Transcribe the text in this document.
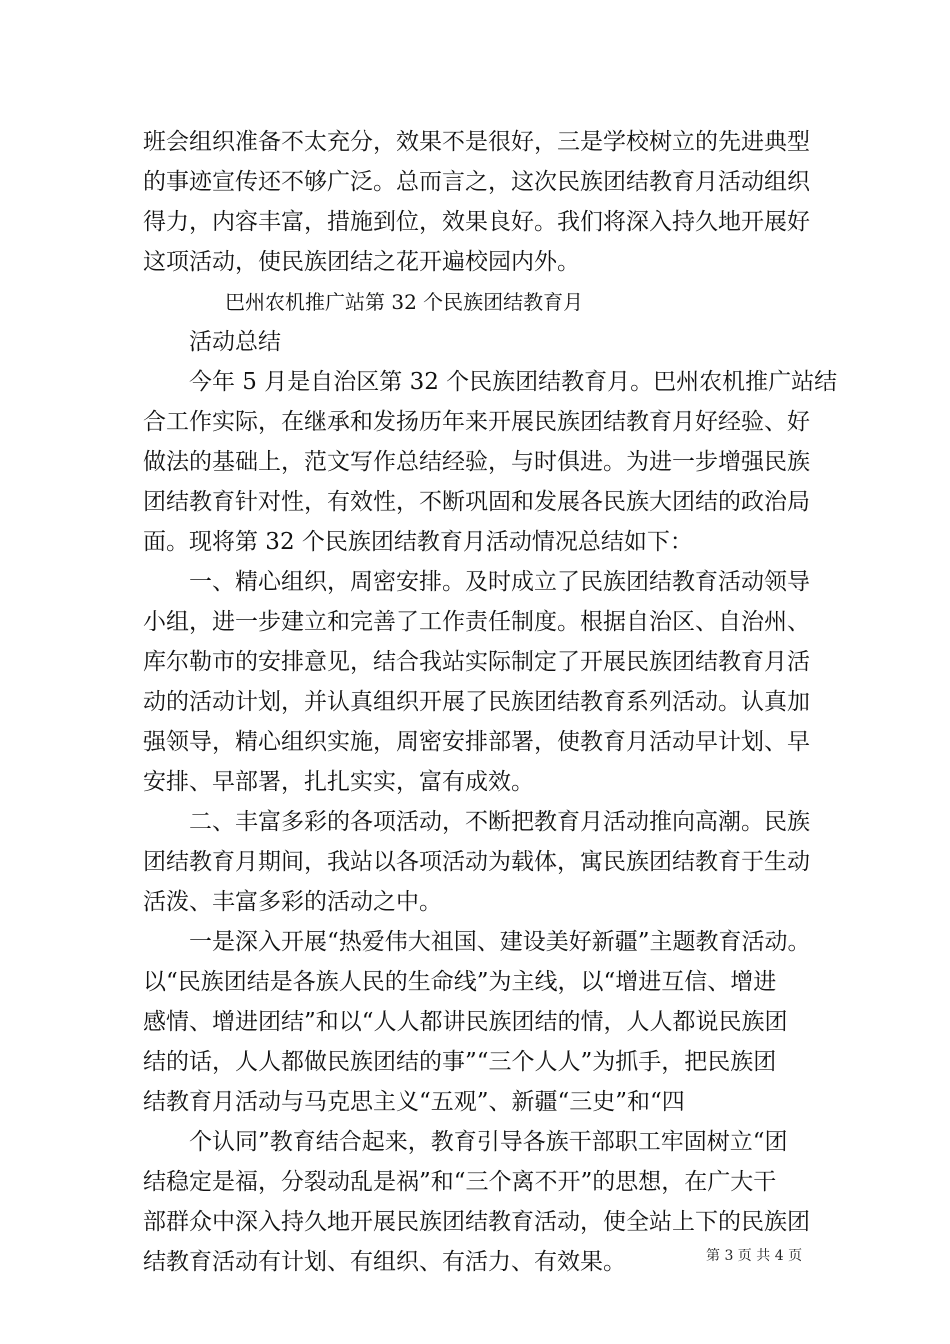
班会组织准备不太充分，效果不是很好，三是学校树立的先进典型
的事迹宣传还不够广泛。总而言之，这次民族团结教育月活动组织
得力，内容丰富，措施到位，效果良好。我们将深入持久地开展好
这项活动，使民族团结之花开遍校园内外。
巴州农机推广站第 32 个民族团结教育月
活动总结
今年 5 月是自治区第 32 个民族团结教育月。巴州农机推广站结
合工作实际，在继承和发扬历年来开展民族团结教育月好经验、好
做法的基础上，范文写作总结经验，与时俱进。为进一步增强民族
团结教育针对性，有效性，不断巩固和发展各民族大团结的政治局
面。现将第 32 个民族团结教育月活动情况总结如下：
一、精心组织，周密安排。及时成立了民族团结教育活动领导
小组，进一步建立和完善了工作责任制度。根据自治区、自治州、
库尔勒市的安排意见，结合我站实际制定了开展民族团结教育月活
动的活动计划，并认真组织开展了民族团结教育系列活动。认真加
强领导，精心组织实施，周密安排部署，使教育月活动早计划、早
安排、早部署，扎扎实实，富有成效。
二、丰富多彩的各项活动，不断把教育月活动推向高潮。民族
团结教育月期间，我站以各项活动为载体，寓民族团结教育于生动
活泼、丰富多彩的活动之中。
一是深入开展“热爱伟大祖国、建设美好新疆”主题教育活动。
以“民族团结是各族人民的生命线”为主线，以“增进互信、增进
感情、增进团结”和以“人人都讲民族团结的情，人人都说民族团
结的话，人人都做民族团结的事”“三个人人”为抓手，把民族团
结教育月活动与马克思主义“五观”、新疆“三史”和“四
个认同”教育结合起来，教育引导各族干部职工牢固树立“团
结稳定是福，分裂动乱是祸”和“三个离不开”的思想，在广大干
部群众中深入持久地开展民族团结教育活动，使全站上下的民族团
结教育活动有计划、有组织、有活力、有效果。	第 3 页 共 4 页
